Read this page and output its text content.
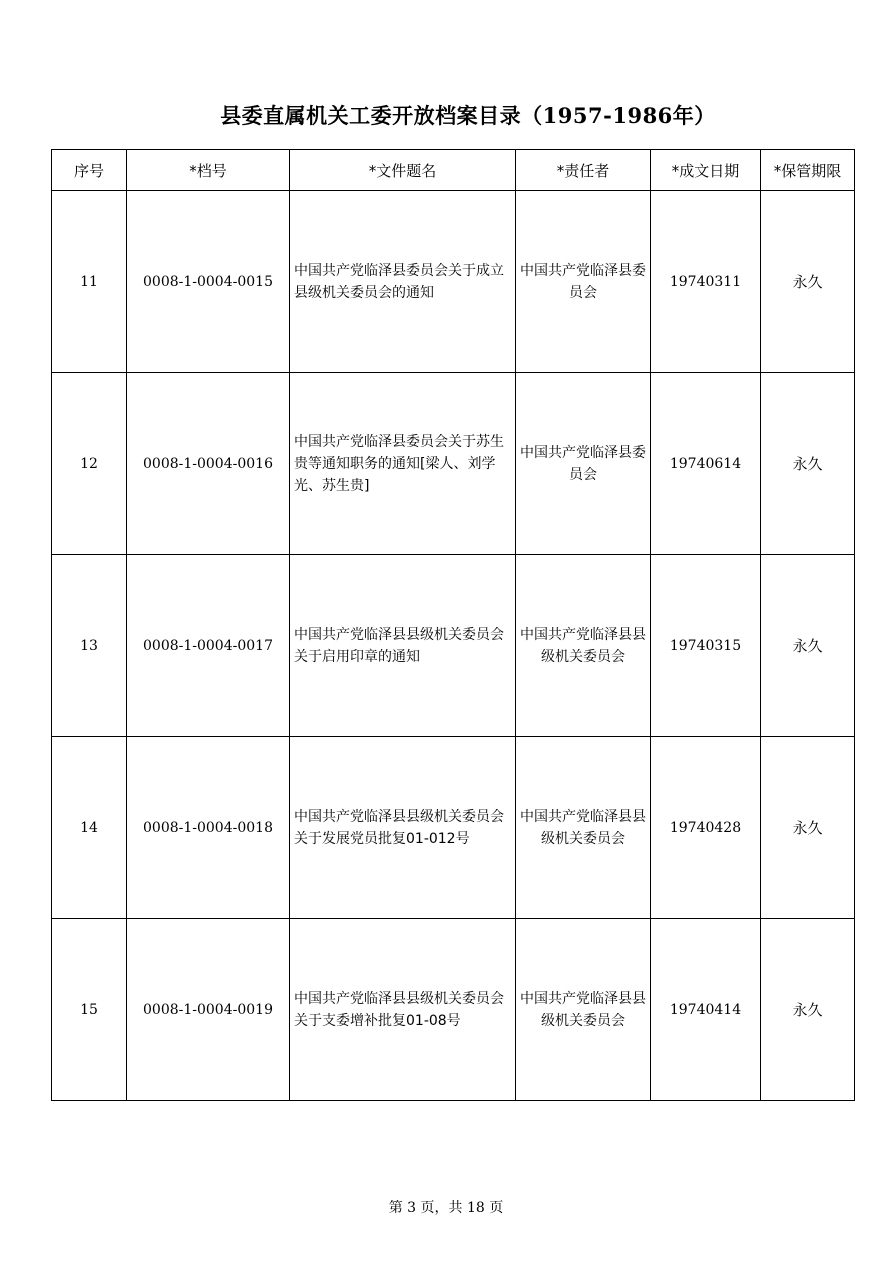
县委直属机关工委开放档案目录（1957-1986年）
序号	*档号	*文件题名	*责任者	*成文日期	*保管期限
11	0008-1-0004-0015	中国共产党临泽县委员会关于成立县级机关委员会的通知	中国共产党临泽县委员会	19740311	永久
12	0008-1-0004-0016	中国共产党临泽县委员会关于苏生贵等通知职务的通知[梁人、刘学光、苏生贵]	中国共产党临泽县委员会	19740614	永久
13	0008-1-0004-0017	中国共产党临泽县县级机关委员会关于启用印章的通知	中国共产党临泽县县级机关委员会	19740315	永久
14	0008-1-0004-0018	中国共产党临泽县县级机关委员会关于发展党员批复01-012号	中国共产党临泽县县级机关委员会	19740428	永久
15	0008-1-0004-0019	中国共产党临泽县县级机关委员会关于支委增补批复01-08号	中国共产党临泽县县级机关委员会	19740414	永久
第 3 页，共 18 页
